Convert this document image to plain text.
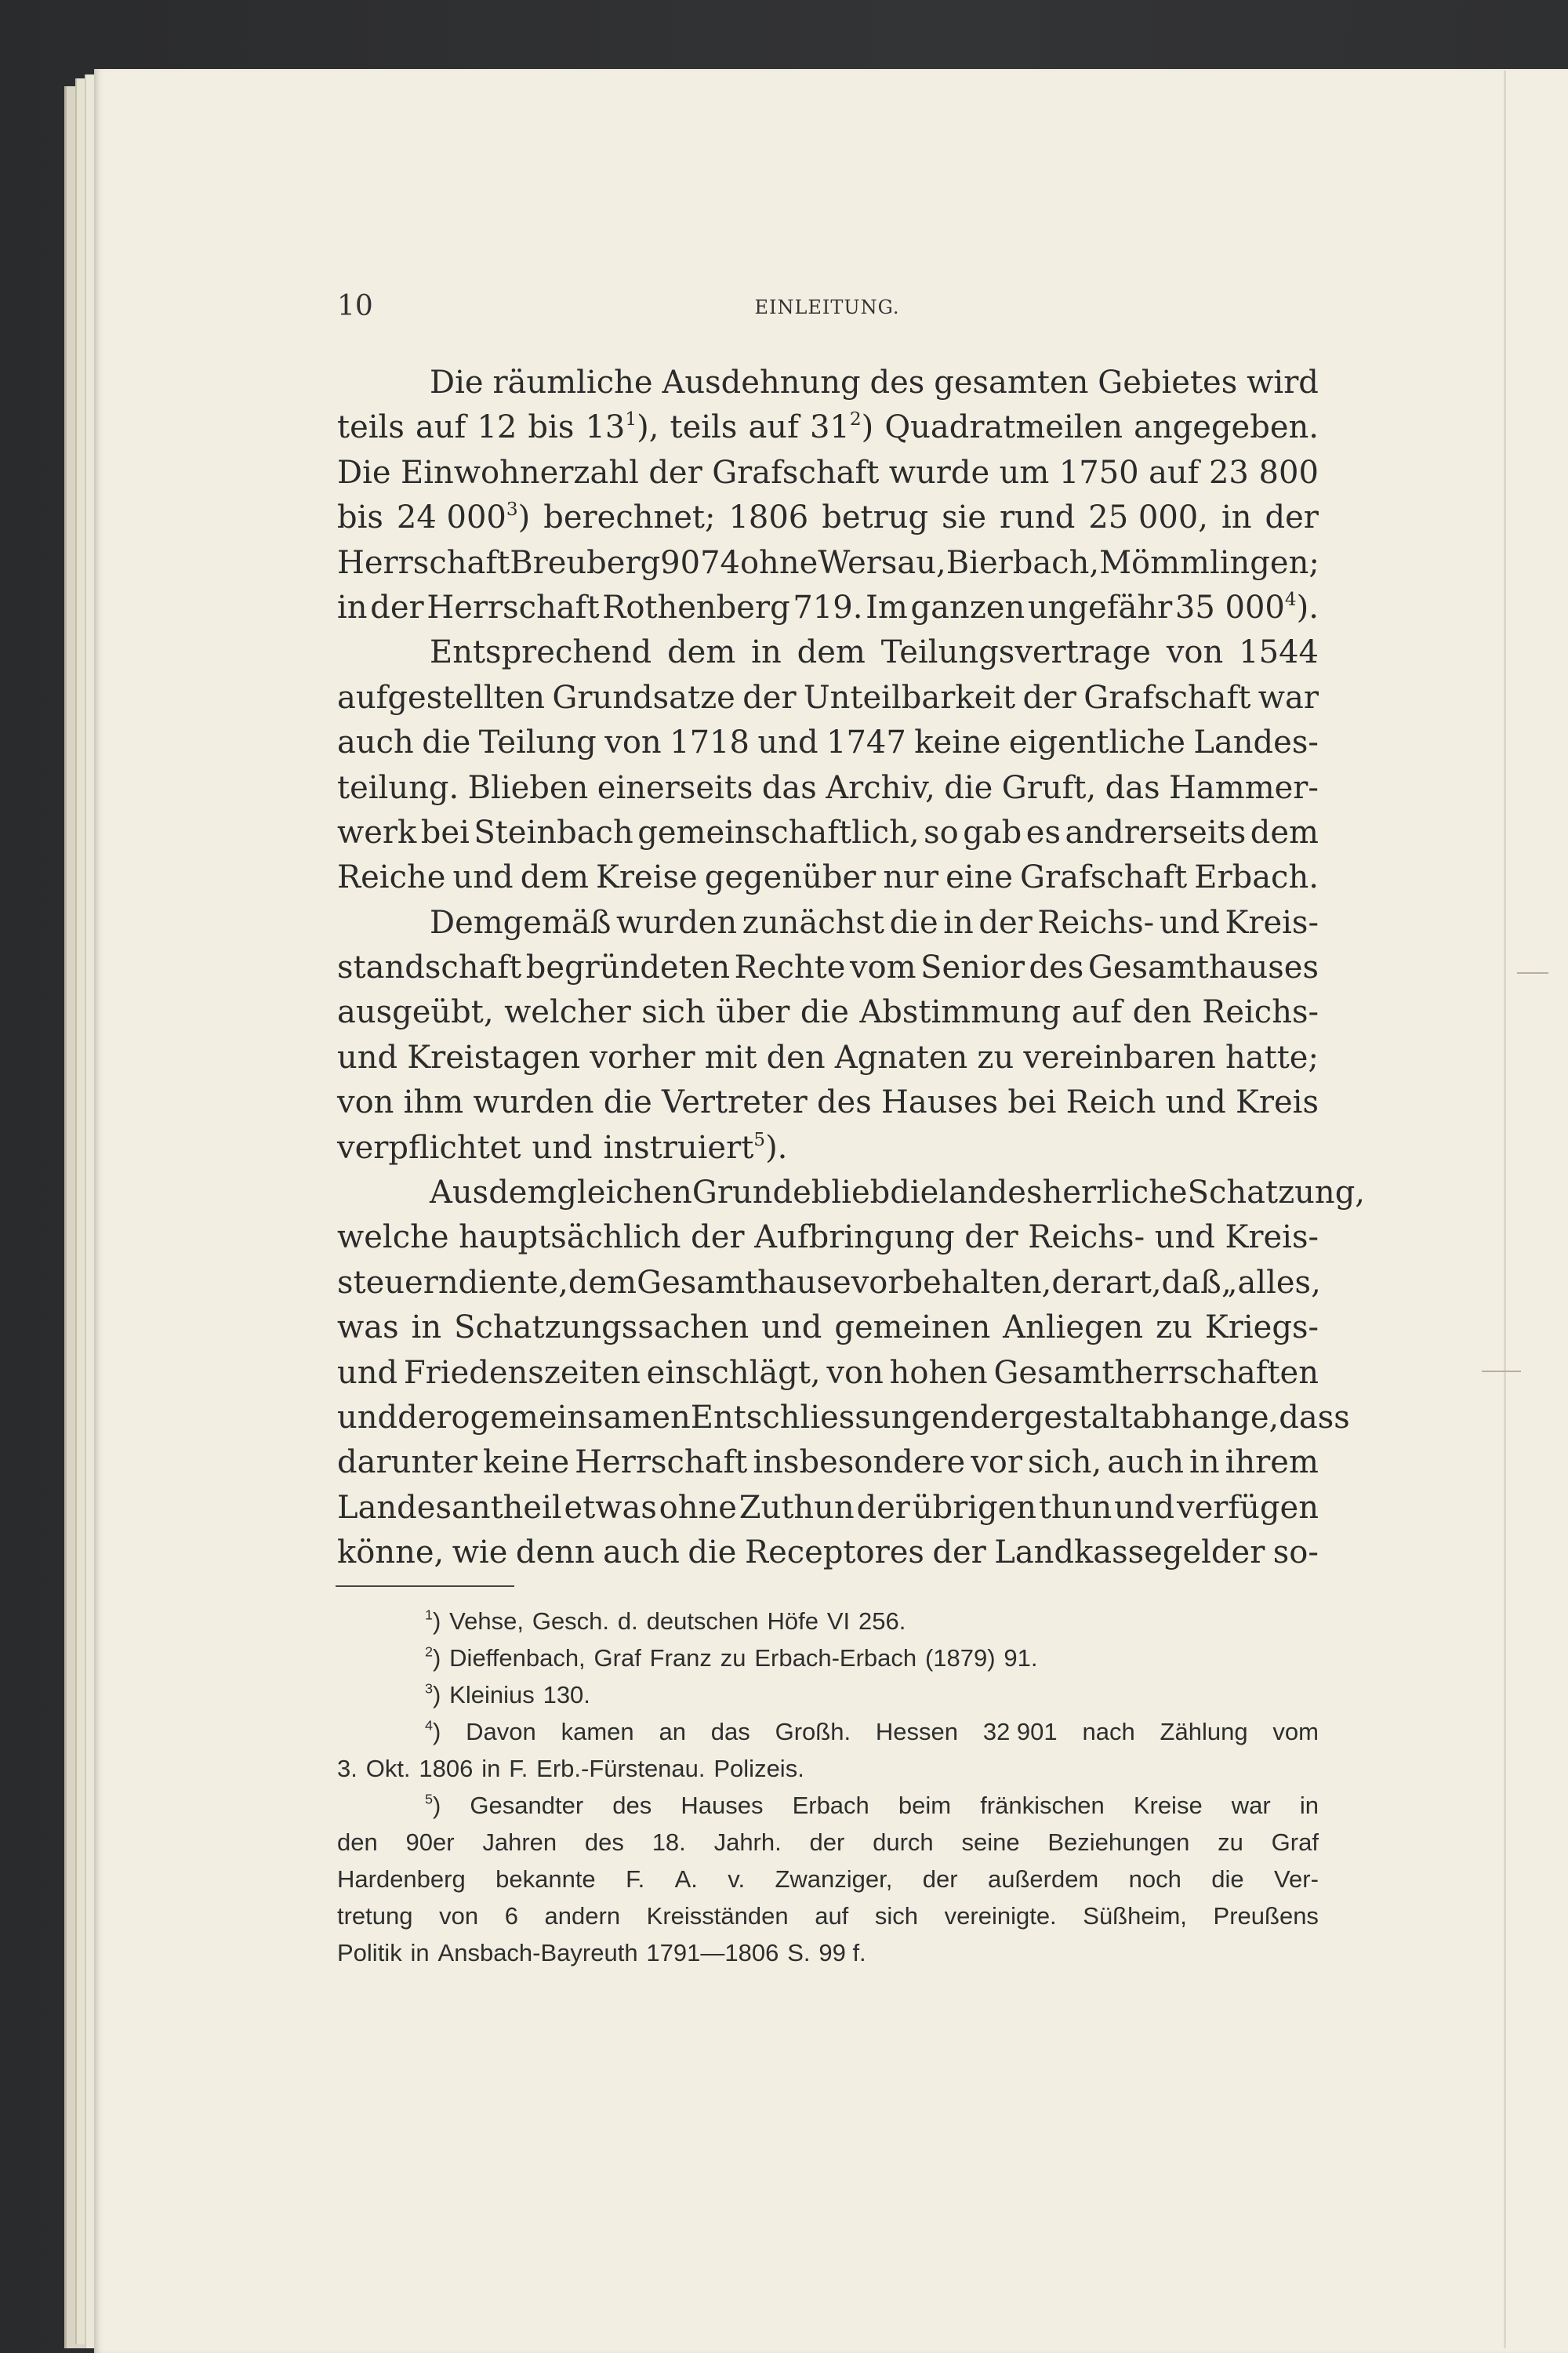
10	EINLEITUNG.
Die räumliche Ausdehnung des gesamten Gebietes wird
teils auf 12 bis $13^1$), teils auf $31^2$) Quadratmeilen angegeben.
Die Einwohnerzahl der Grafschaft wurde um 1750 auf 23 800
bis 24 $000^3$) berechnet; 1806 betrug sie rund 25 000, in der
Herrschaft Breuberg 9074 ohne Wersau, Bierbach, Mömmlingen;
in der Herrschaft Rothenberg 719. Im ganzen ungefähr 35 $000^4$).
Entsprechend dem in dem Teilungsvertrage von 1544
aufgestellten Grundsatze der Unteilbarkeit der Grafschaft war
auch die Teilung von 1718 und 1747 keine eigentliche Landes-
teilung. Blieben einerseits das Archiv, die Gruft, das Hammer-
werk bei Steinbach gemeinschaftlich, so gab es andrerseits dem
Reiche und dem Kreise gegenüber nur eine Grafschaft Erbach.
Demgemäß wurden zunächst die in der Reichs- und Kreis-
standschaft begründeten Rechte vom Senior des Gesamthauses
ausgeübt, welcher sich über die Abstimmung auf den Reichs-
und Kreistagen vorher mit den Agnaten zu vereinbaren hatte;
von ihm wurden die Vertreter des Hauses bei Reich und Kreis
verpflichtet und instruiert$^5$).
Aus dem gleichen Grunde blieb die landesherrliche Schatzung,
welche hauptsächlich der Aufbringung der Reichs- und Kreis-
steuern diente, dem Gesamthause vorbehalten, derart, daß „alles,
was in Schatzungssachen und gemeinen Anliegen zu Kriegs-
und Friedenszeiten einschlägt, von hohen Gesamtherrschaften
und dero gemeinsamen Entschliessungen dergestalt abhange, dass
darunter keine Herrschaft insbesondere vor sich, auch in ihrem
Landesantheil etwas ohne Zuthun der übrigen thun und verfügen
könne, wie denn auch die Receptores der Landkassegelder so-
$^1$) Vehse, Gesch. d. deutschen Höfe VI 256.
$^2$) Dieffenbach, Graf Franz zu Erbach-Erbach (1879) 91.
$^3$) Kleinius 130.
$^4$) Davon kamen an das Großh. Hessen 32 901 nach Zählung vom
3. Okt. 1806 in F. Erb.-Fürstenau. Polizeis.
$^5$) Gesandter des Hauses Erbach beim fränkischen Kreise war in
den 90er Jahren des 18. Jahrh. der durch seine Beziehungen zu Graf
Hardenberg bekannte F. A. v. Zwanziger, der außerdem noch die Ver-
tretung von 6 andern Kreisständen auf sich vereinigte. Süßheim, Preußens
Politik in Ansbach-Bayreuth 1791—1806 S. 99 f.
